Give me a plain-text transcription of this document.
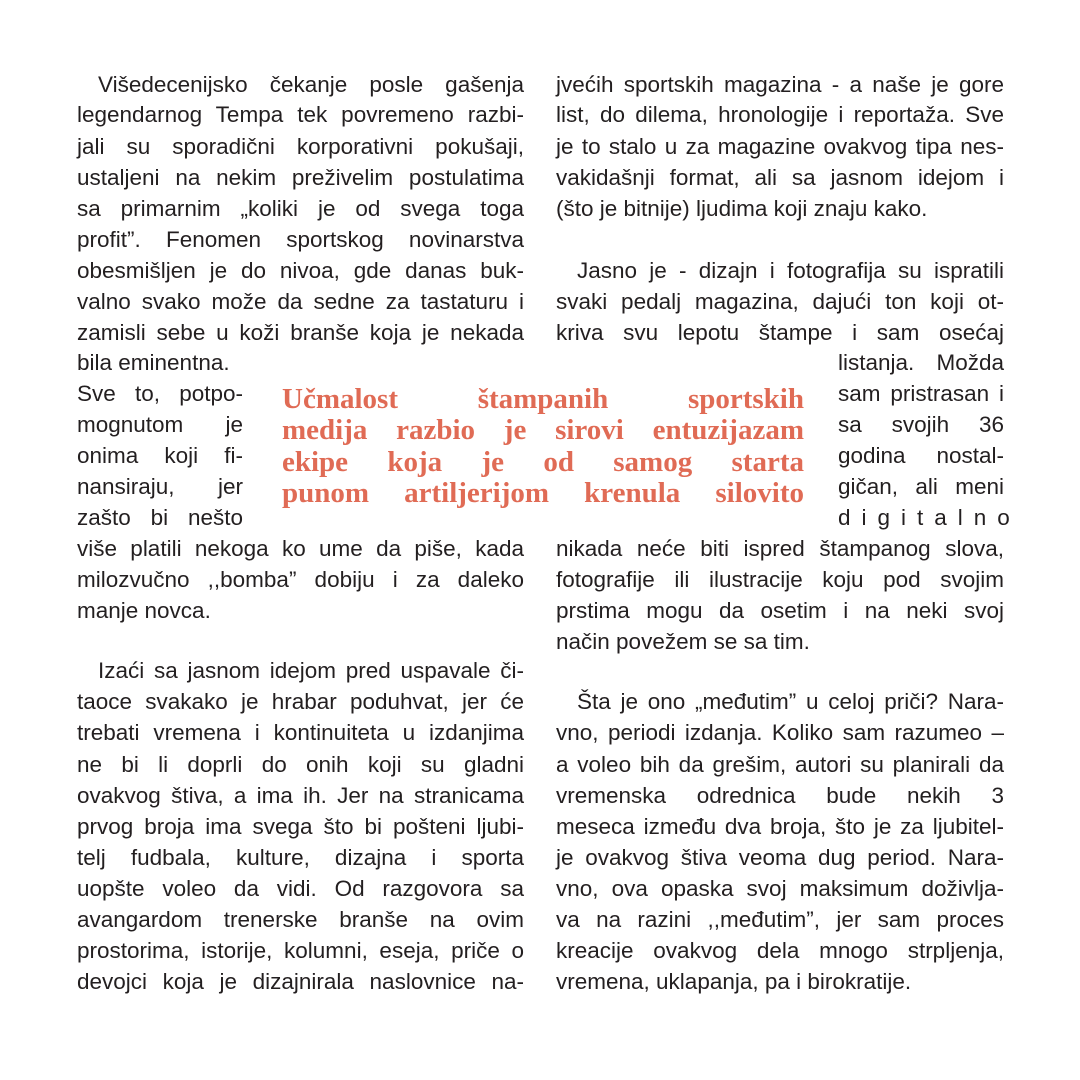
Višedecenijsko čekanje posle gašenja
legendarnog Tempa tek povremeno razbi-
jali su sporadični korporativni pokušaji,
ustaljeni na nekim preživelim postulatima
sa primarnim „koliki je od svega toga
profit”. Fenomen sportskog novinarstva
obesmišljen je do nivoa, gde danas buk-
valno svako može da sedne za tastaturu i
zamisli sebe u koži branše koja je nekada
bila eminentna.
Sve to, potpo-
mognutom je
onima koji fi-
nansiraju, jer
zašto bi nešto
više platili nekoga ko ume da piše, kada
milozvučno ,,bomba” dobiju i za daleko
manje novca.
Izaći sa jasnom idejom pred uspavale či-
taoce svakako je hrabar poduhvat, jer će
trebati vremena i kontinuiteta u izdanjima
ne bi li doprli do onih koji su gladni
ovakvog štiva, a ima ih. Jer na stranicama
prvog broja ima svega što bi pošteni ljubi-
telj fudbala, kulture, dizajna i sporta
uopšte voleo da vidi. Od razgovora sa
avangardom trenerske branše na ovim
prostorima, istorije, kolumni, eseja, priče o
devojci koja je dizajnirala naslovnice na-
jvećih sportskih magazina - a naše je gore
list, do dilema, hronologije i reportaža. Sve
je to stalo u za magazine ovakvog tipa nes-
vakidašnji format, ali sa jasnom idejom i
(što je bitnije) ljudima koji znaju kako.
Jasno je - dizajn i fotografija su ispratili
svaki pedalj magazina, dajući ton koji ot-
kriva svu lepotu štampe i sam osećaj
listanja. Možda
sam pristrasan i
sa svojih 36
godina nostal-
gičan, ali meni
digitalno
nikada neće biti ispred štampanog slova,
fotografije ili ilustracije koju pod svojim
prstima mogu da osetim i na neki svoj
način povežem se sa tim.
Šta je ono „međutim” u celoj priči? Nara-
vno, periodi izdanja. Koliko sam razumeo –
a voleo bih da grešim, autori su planirali da
vremenska odrednica bude nekih 3
meseca između dva broja, što je za ljubitel-
je ovakvog štiva veoma dug period. Nara-
vno, ova opaska svoj maksimum doživlja-
va na razini ,,međutim”, jer sam proces
kreacije ovakvog dela mnogo strpljenja,
vremena, uklapanja, pa i birokratije.
Učmalost štampanih sportskih
medija razbio je sirovi entuzijazam
ekipe koja je od samog starta
punom artiljerijom krenula silovito
